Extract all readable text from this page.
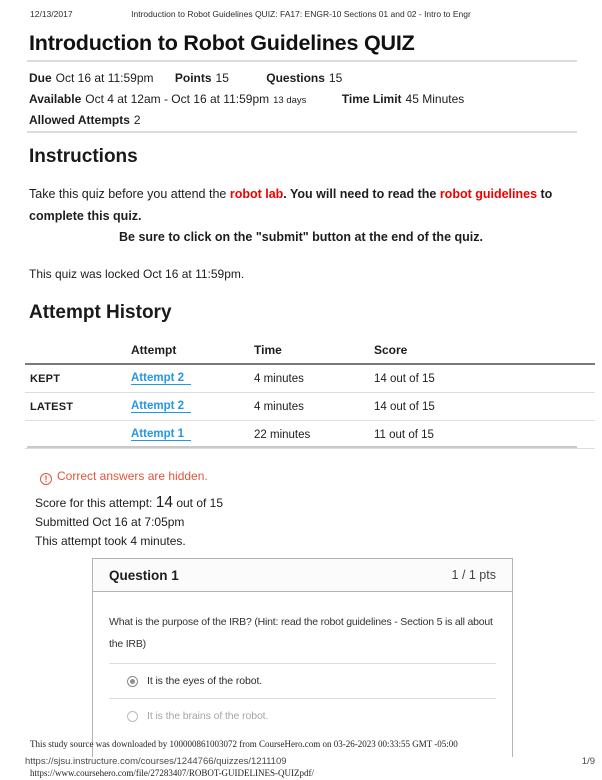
12/13/2017	Introduction to Robot Guidelines QUIZ: FA17: ENGR-10 Sections 01 and 02 - Intro to Engr
Introduction to Robot Guidelines QUIZ
Due Oct 16 at 11:59pm Points 15	Questions 15
Available Oct 4 at 12am - Oct 16 at 11:59pm 13 days	Time Limit 45 Minutes
Allowed Attempts 2
Instructions

Take this quiz before you attend the robot lab. You will need to read the robot guidelines to complete this quiz.

Be sure to click on the "submit" button at the end of the quiz.
This quiz was locked Oct 16 at 11:59pm.
Attempt History
	Attempt	Time	Score
KEPT	Attempt 2	4 minutes	14 out of 15
LATEST	Attempt 2	4 minutes	14 out of 15
	Attempt 1	22 minutes	11 out of 15
! Correct answers are hidden.
Score for this attempt: 14 out of 15
Submitted Oct 16 at 7:05pm
This attempt took 4 minutes.
Question 1	1 / 1 pts
What is the purpose of the IRB? (Hint: read the robot guidelines - Section 5 is all about the IRB)
It is the eyes of the robot.
It is the brains of the robot.
This study source was downloaded by 100000861003072 from CourseHero.com on 03-26-2023 00:33:55 GMT -05:00
https://sjsu.instructure.com/courses/1244766/quizzes/1211109	1/9
https://www.coursehero.com/file/27283407/ROBOT-GUIDELINES-QUIZpdf/
